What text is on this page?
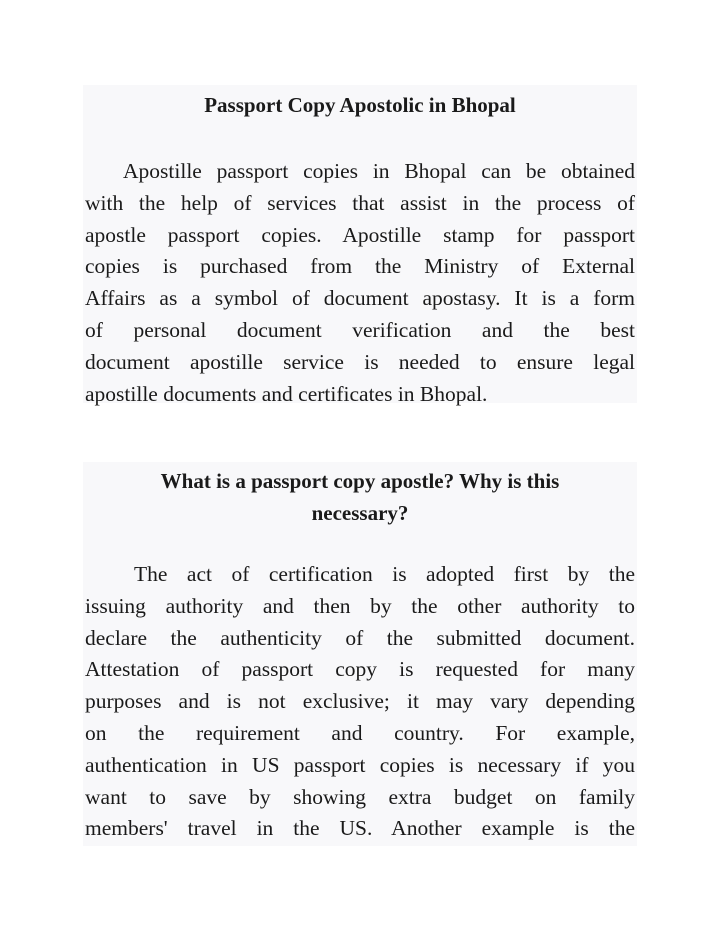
Passport Copy Apostolic in Bhopal

Apostille passport copies in Bhopal can be obtained
with the help of services that assist in the process of
apostle passport copies. Apostille stamp for passport
copies is purchased from the Ministry of External
Affairs as a symbol of document apostasy. It is a form
of personal document verification and the best
document apostille service is needed to ensure legal
apostille documents and certificates in Bhopal.

What is a passport copy apostle? Why is this
necessary?

The act of certification is adopted first by the
issuing authority and then by the other authority to
declare the authenticity of the submitted document.
Attestation of passport copy is requested for many
purposes and is not exclusive; it may vary depending
on the requirement and country. For example,
authentication in US passport copies is necessary if you
want to save by showing extra budget on family
members' travel in the US. Another example is the
